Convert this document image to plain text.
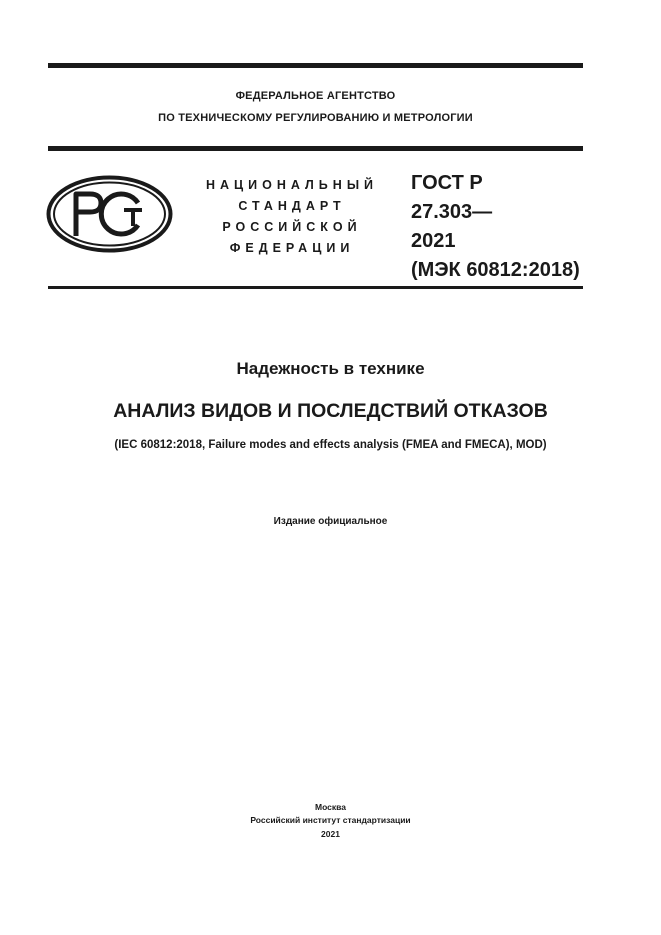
ФЕДЕРАЛЬНОЕ АГЕНТСТВО
ПО ТЕХНИЧЕСКОМУ РЕГУЛИРОВАНИЮ И МЕТРОЛОГИИ
НАЦИОНАЛЬНЫЙ
СТАНДАРТ
РОССИЙСКОЙ
ФЕДЕРАЦИИ
ГОСТ Р
27.303—
2021
(МЭК 60812:2018)
Надежность в технике
АНАЛИЗ ВИДОВ И ПОСЛЕДСТВИЙ ОТКАЗОВ
(IEC 60812:2018, Failure modes and effects analysis (FMEA and FMECA), MOD)
Издание официальное
Москва
Российский институт стандартизации
2021
